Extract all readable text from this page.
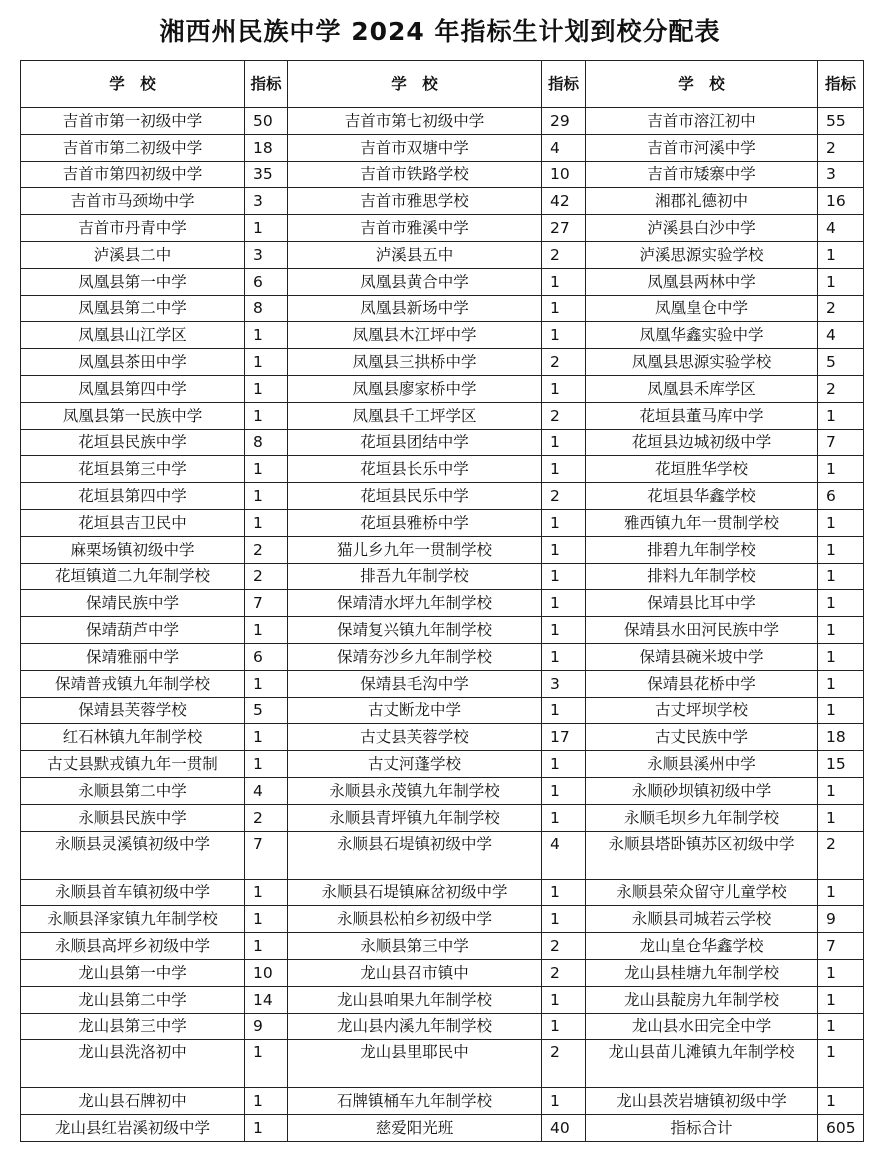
湘西州民族中学 2024 年指标生计划到校分配表
学　校	指标	学　校	指标	学　校	指标
吉首市第一初级中学	50	吉首市第七初级中学	29	吉首市溶江初中	55
吉首市第二初级中学	18	吉首市双塘中学	4	吉首市河溪中学	2
吉首市第四初级中学	35	吉首市铁路学校	10	吉首市矮寨中学	3
吉首市马颈坳中学	3	吉首市雅思学校	42	湘郡礼德初中	16
吉首市丹青中学	1	吉首市雅溪中学	27	泸溪县白沙中学	4
泸溪县二中	3	泸溪县五中	2	泸溪思源实验学校	1
凤凰县第一中学	6	凤凰县黄合中学	1	凤凰县两林中学	1
凤凰县第二中学	8	凤凰县新场中学	1	凤凰皇仓中学	2
凤凰县山江学区	1	凤凰县木江坪中学	1	凤凰华鑫实验中学	4
凤凰县茶田中学	1	凤凰县三拱桥中学	2	凤凰县思源实验学校	5
凤凰县第四中学	1	凤凰县廖家桥中学	1	凤凰县禾库学区	2
凤凰县第一民族中学	1	凤凰县千工坪学区	2	花垣县董马库中学	1
花垣县民族中学	8	花垣县团结中学	1	花垣县边城初级中学	7
花垣县第三中学	1	花垣县长乐中学	1	花垣胜华学校	1
花垣县第四中学	1	花垣县民乐中学	2	花垣县华鑫学校	6
花垣县吉卫民中	1	花垣县雅桥中学	1	雅西镇九年一贯制学校	1
麻栗场镇初级中学	2	猫儿乡九年一贯制学校	1	排碧九年制学校	1
花垣镇道二九年制学校	2	排吾九年制学校	1	排料九年制学校	1
保靖民族中学	7	保靖清水坪九年制学校	1	保靖县比耳中学	1
保靖葫芦中学	1	保靖复兴镇九年制学校	1	保靖县水田河民族中学	1
保靖雅丽中学	6	保靖夯沙乡九年制学校	1	保靖县碗米坡中学	1
保靖普戎镇九年制学校	1	保靖县毛沟中学	3	保靖县花桥中学	1
保靖县芙蓉学校	5	古丈断龙中学	1	古丈坪坝学校	1
红石林镇九年制学校	1	古丈县芙蓉学校	17	古丈民族中学	18
古丈县默戎镇九年一贯制	1	古丈河蓬学校	1	永顺县溪州中学	15
永顺县第二中学	4	永顺县永茂镇九年制学校	1	永顺砂坝镇初级中学	1
永顺县民族中学	2	永顺县青坪镇九年制学校	1	永顺毛坝乡九年制学校	1
永顺县灵溪镇初级中学	7	永顺县石堤镇初级中学	4	永顺县塔卧镇苏区初级中学	2
永顺县首车镇初级中学	1	永顺县石堤镇麻岔初级中学	1	永顺县荣众留守儿童学校	1
永顺县泽家镇九年制学校	1	永顺县松柏乡初级中学	1	永顺县司城若云学校	9
永顺县高坪乡初级中学	1	永顺县第三中学	2	龙山皇仓华鑫学校	7
龙山县第一中学	10	龙山县召市镇中	2	龙山县桂塘九年制学校	1
龙山县第二中学	14	龙山县咱果九年制学校	1	龙山县靛房九年制学校	1
龙山县第三中学	9	龙山县内溪九年制学校	1	龙山县水田完全中学	1
龙山县洗洛初中	1	龙山县里耶民中	2	龙山县苗儿滩镇九年制学校	1
龙山县石牌初中	1	石牌镇桶车九年制学校	1	龙山县茨岩塘镇初级中学	1
龙山县红岩溪初级中学	1	慈爱阳光班	40	指标合计	605
